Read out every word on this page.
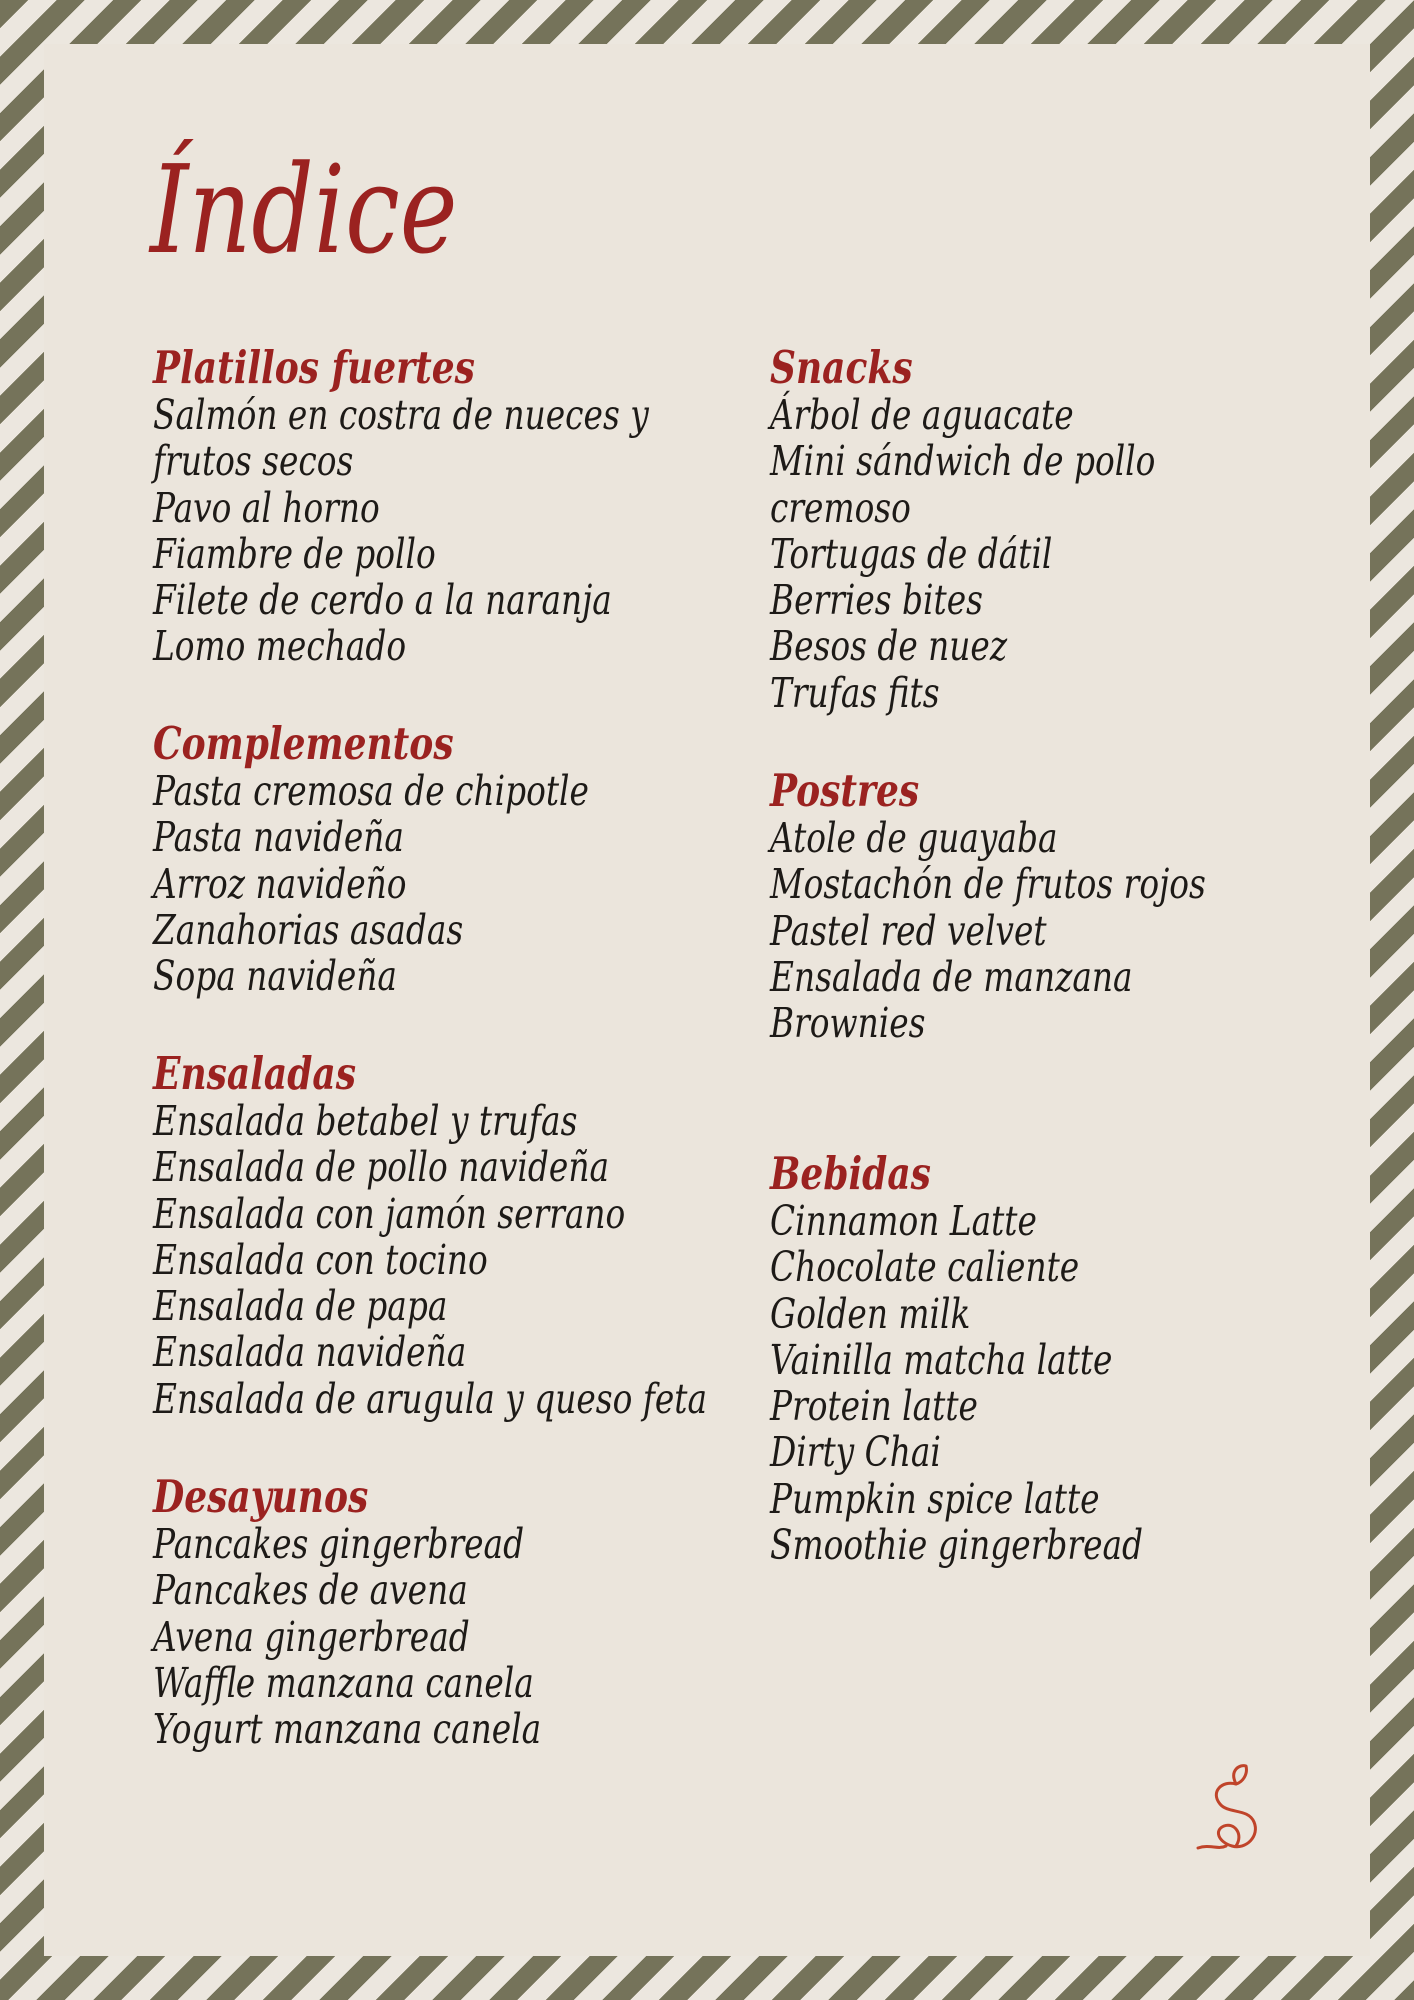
Índice
Platillos fuertes
Salmón en costra de nueces y
frutos secos
Pavo al horno
Fiambre de pollo
Filete de cerdo a la naranja
Lomo mechado
Complementos
Pasta cremosa de chipotle
Pasta navideña
Arroz navideño
Zanahorias asadas
Sopa navideña
Ensaladas
Ensalada betabel y trufas
Ensalada de pollo navideña
Ensalada con jamón serrano
Ensalada con tocino
Ensalada de papa
Ensalada navideña
Ensalada de arugula y queso feta
Desayunos
Pancakes gingerbread
Pancakes de avena
Avena gingerbread
Waffle manzana canela
Yogurt manzana canela
Snacks
Árbol de aguacate
Mini sándwich de pollo
cremoso
Tortugas de dátil
Berries bites
Besos de nuez
Trufas fits
Postres
Atole de guayaba
Mostachón de frutos rojos
Pastel red velvet
Ensalada de manzana
Brownies
Bebidas
Cinnamon Latte
Chocolate caliente
Golden milk
Vainilla matcha latte
Protein latte
Dirty Chai
Pumpkin spice latte
Smoothie gingerbread
